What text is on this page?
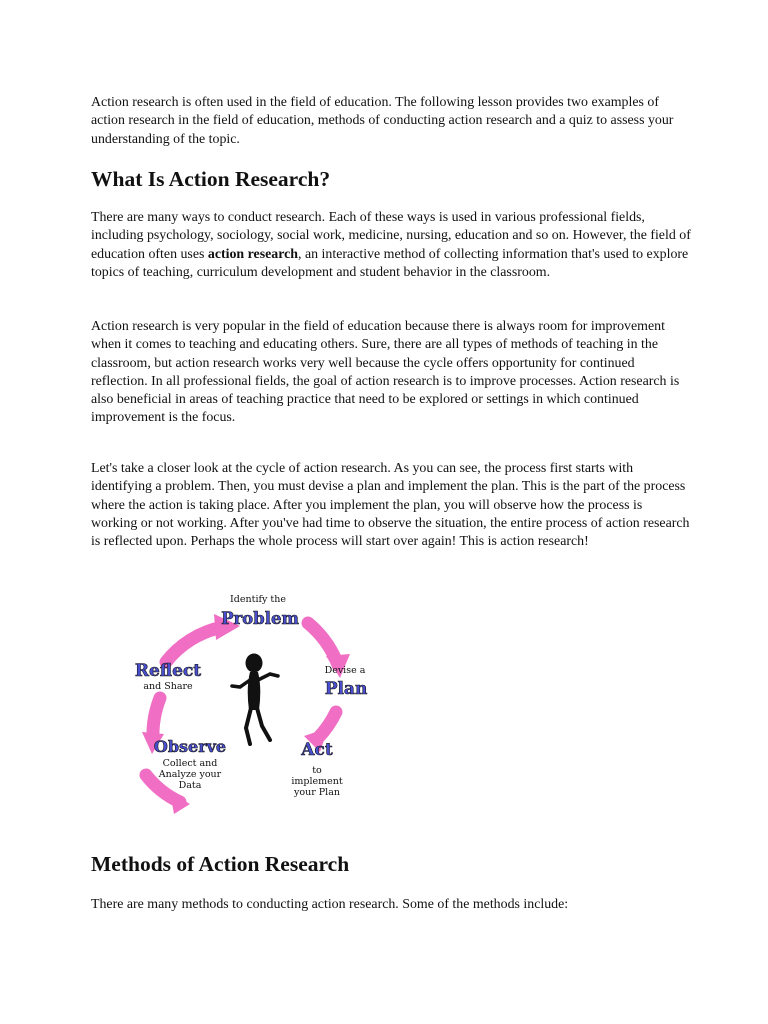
Action research is often used in the field of education. The following lesson provides two examples of action research in the field of education, methods of conducting action research and a quiz to assess your understanding of the topic.

What Is Action Research?

There are many ways to conduct research. Each of these ways is used in various professional fields, including psychology, sociology, social work, medicine, nursing, education and so on. However, the field of education often uses action research, an interactive method of collecting information that's used to explore topics of teaching, curriculum development and student behavior in the classroom.

Action research is very popular in the field of education because there is always room for improvement when it comes to teaching and educating others. Sure, there are all types of methods of teaching in the classroom, but action research works very well because the cycle offers opportunity for continued reflection. In all professional fields, the goal of action research is to improve processes. Action research is also beneficial in areas of teaching practice that need to be explored or settings in which continued improvement is the focus.

Let's take a closer look at the cycle of action research. As you can see, the process first starts with identifying a problem. Then, you must devise a plan and implement the plan. This is the part of the process where the action is taking place. After you implement the plan, you will observe how the process is working or not working. After you've had time to observe the situation, the entire process of action research is reflected upon. Perhaps the whole process will start over again! This is action research!

Identify the
Problem
Devise a
Plan
Act
to
implement
your Plan
Observe
Collect and
Analyze your
Data
Reflect
and Share
Methods of Action Research

There are many methods to conducting action research. Some of the methods include:
